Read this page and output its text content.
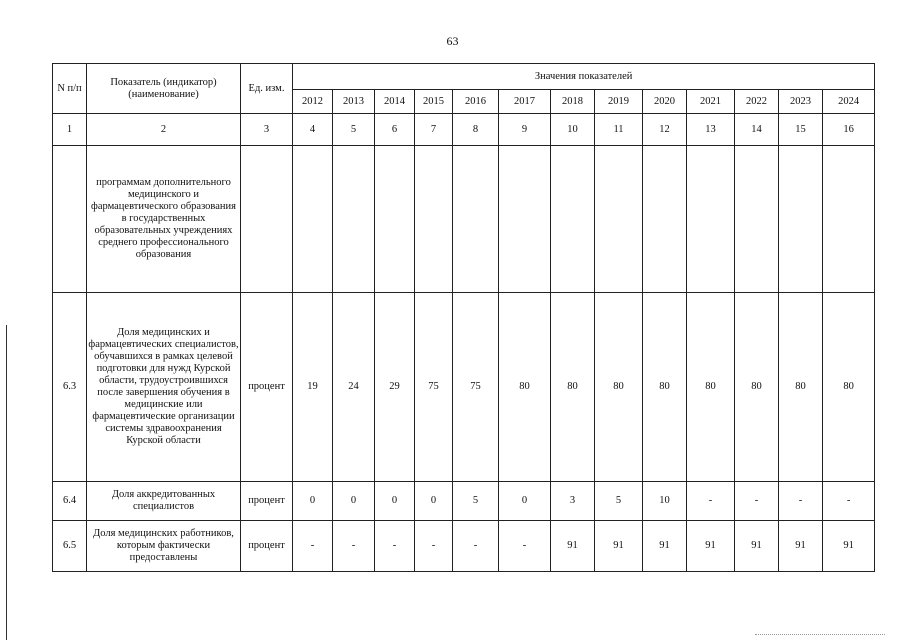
63
N п/п	Показатель (индикатор) (наименование)	Ед. изм.	Значения показателей												
			2012	2013	2014	2015	2016	2017	2018	2019	2020	2021	2022	2023	2024
1	2	3	4	5	6	7	8	9	10	11	12	13	14	15	16
	программам дополнительного медицинского и фармацевтического образования в государственных образовательных учреждениях среднего профессионального образования														
6.3	Доля медицинских и фармацевтических специалистов, обучавшихся в рамках целевой подготовки для нужд Курской области, трудоустроившихся после завершения обучения в медицинские или фармацевтические организации системы здравоохранения Курской области	процент	19	24	29	75	75	80	80	80	80	80	80	80	80
6.4	Доля аккредитованных специалистов	процент	0	0	0	0	5	0	3	5	10	-	-	-	-
6.5	Доля медицинских работников, которым фактически предоставлены	процент	-	-	-	-	-	-	91	91	91	91	91	91	91
